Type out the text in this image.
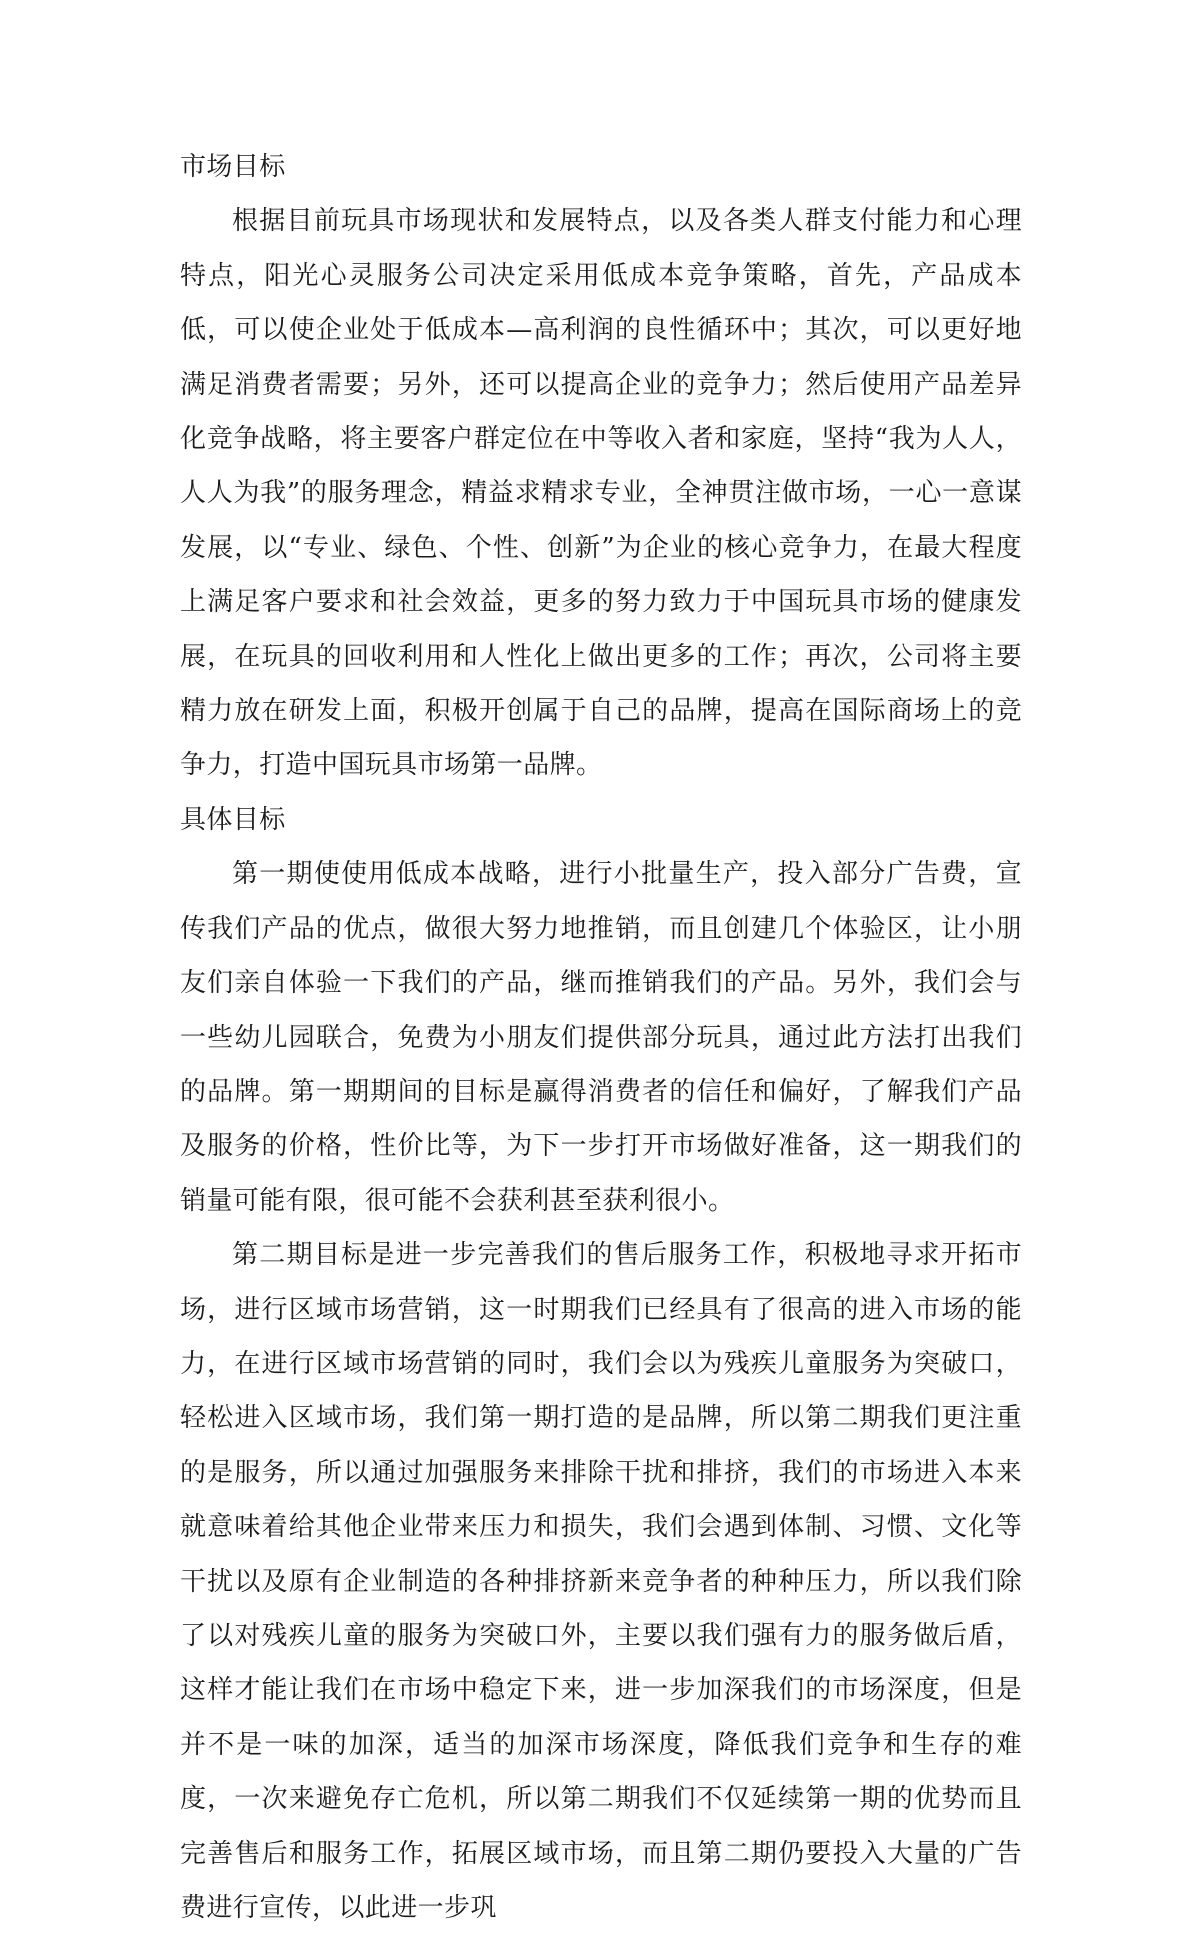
市场目标

根据目前玩具市场现状和发展特点，以及各类人群支付能力和心理特点，阳光心灵服务公司决定采用低成本竞争策略，首先，产品成本低，可以使企业处于低成本—高利润的良性循环中；其次，可以更好地满足消费者需要；另外，还可以提高企业的竞争力；然后使用产品差异化竞争战略，将主要客户群定位在中等收入者和家庭，坚持“我为人人，人人为我”的服务理念，精益求精求专业，全神贯注做市场，一心一意谋发展，以“专业、绿色、个性、创新”为企业的核心竞争力，在最大程度上满足客户要求和社会效益，更多的努力致力于中国玩具市场的健康发展，在玩具的回收利用和人性化上做出更多的工作；再次，公司将主要精力放在研发上面，积极开创属于自己的品牌，提高在国际商场上的竞争力，打造中国玩具市场第一品牌。

具体目标

第一期使使用低成本战略，进行小批量生产，投入部分广告费，宣传我们产品的优点，做很大努力地推销，而且创建几个体验区，让小朋友们亲自体验一下我们的产品，继而推销我们的产品。另外，我们会与一些幼儿园联合，免费为小朋友们提供部分玩具，通过此方法打出我们的品牌。第一期期间的目标是赢得消费者的信任和偏好，了解我们产品及服务的价格，性价比等，为下一步打开市场做好准备，这一期我们的销量可能有限，很可能不会获利甚至获利很小。

第二期目标是进一步完善我们的售后服务工作，积极地寻求开拓市场，进行区域市场营销，这一时期我们已经具有了很高的进入市场的能力，在进行区域市场营销的同时，我们会以为残疾儿童服务为突破口，轻松进入区域市场，我们第一期打造的是品牌，所以第二期我们更注重的是服务，所以通过加强服务来排除干扰和排挤，我们的市场进入本来就意味着给其他企业带来压力和损失，我们会遇到体制、习惯、文化等干扰以及原有企业制造的各种排挤新来竞争者的种种压力，所以我们除了以对残疾儿童的服务为突破口外，主要以我们强有力的服务做后盾，这样才能让我们在市场中稳定下来，进一步加深我们的市场深度，但是并不是一味的加深，适当的加深市场深度，降低我们竞争和生存的难度，一次来避免存亡危机，所以第二期我们不仅延续第一期的优势而且完善售后和服务工作，拓展区域市场，而且第二期仍要投入大量的广告费进行宣传，以此进一步巩
